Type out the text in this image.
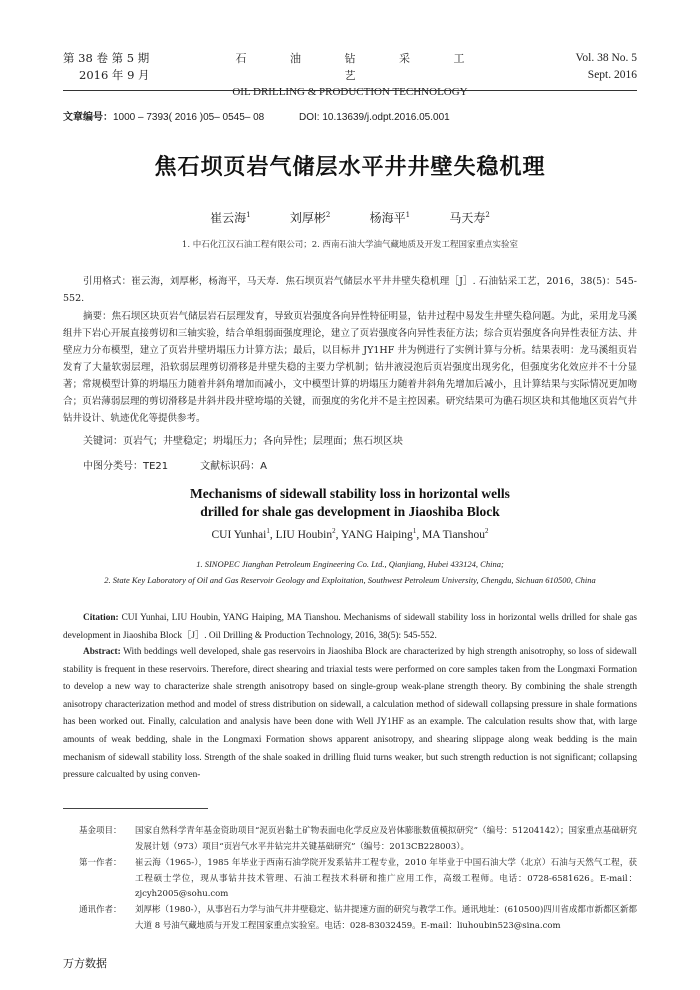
第 38 卷 第 5 期
2016 年 9 月
石 油 钻 采 工 艺
OIL DRILLING & PRODUCTION TECHNOLOGY
Vol. 38 No. 5
Sept. 2016
文章编号：1000 – 7393( 2016 )05– 0545– 08	DOI: 10.13639/j.odpt.2016.05.001
焦石坝页岩气储层水平井井壁失稳机理
崔云海$^1$	刘厚彬$^2$	杨海平$^1$	马天寿$^2$
1. 中石化江汉石油工程有限公司；2. 西南石油大学油气藏地质及开发工程国家重点实验室
引用格式：崔云海，刘厚彬，杨海平，马天寿．焦石坝页岩气储层水平井井壁失稳机理［J］. 石油钻采工艺，2016，38(5)：545-552.
摘要：焦石坝区块页岩气储层岩石层理发育，导致页岩强度各向异性特征明显，钻井过程中易发生井壁失稳问题。为此，采用龙马溪组井下岩心开展直接剪切和三轴实验，结合单组弱面强度理论，建立了页岩强度各向异性表征方法；综合页岩强度各向异性表征方法、井壁应力分布模型，建立了页岩井壁坍塌压力计算方法；最后，以目标井 JY1HF 井为例进行了实例计算与分析。结果表明：龙马溪组页岩发育了大量软弱层理，沿软弱层理剪切滑移是井壁失稳的主要力学机制；钻井液浸泡后页岩强度出现劣化，但强度劣化效应并不十分显著；常规模型计算的坍塌压力随着井斜角增加而减小，文中模型计算的坍塌压力随着井斜角先增加后减小，且计算结果与实际情况更加吻合；页岩薄弱层理的剪切滑移是井斜井段井壁垮塌的关键，而强度的劣化并不是主控因素。研究结果可为礁石坝区块和其他地区页岩气井钻井设计、轨迹优化等提供参考。
关键词：页岩气；井壁稳定；坍塌压力；各向异性；层理面；焦石坝区块
中图分类号：TE21	文献标识码：A
Mechanisms of sidewall stability loss in horizontal wells
drilled for shale gas development in Jiaoshiba Block
CUI Yunhai$^1$, LIU Houbin$^2$, YANG Haiping$^1$, MA Tianshou$^2$
1. SINOPEC Jianghan Petroleum Engineering Co. Ltd., Qianjiang, Hubei 433124, China;
2. State Key Laboratory of Oil and Gas Reservoir Geology and Exploitation, Southwest Petroleum University, Chengdu, Sichuan 610500, China
Citation: CUI Yunhai, LIU Houbin, YANG Haiping, MA Tianshou. Mechanisms of sidewall stability loss in horizontal wells drilled for shale gas development in Jiaoshiba Block［J］. Oil Drilling & Production Technology, 2016, 38(5): 545-552.
Abstract: With beddings well developed, shale gas reservoirs in Jiaoshiba Block are characterized by high strength anisotrophy, so loss of sidewall stability is frequent in these reservoirs. Therefore, direct shearing and triaxial tests were performed on core samples taken from the Longmaxi Formation to develop a new way to characterize shale strength anisotropy based on single-group weak-plane strength theory. By combining the shale strength anisotropy characterization method and model of stress distribution on sidewall, a calculation method of sidewall collapsing pressure in shale formations has been worked out. Finally, calculation and analysis have been done with Well JY1HF as an example. The calculation results show that, with large amounts of weak bedding, shale in the Longmaxi Formation shows apparent anisotropy, and shearing slippage along weak bedding is the main mechanism of sidewall stability loss. Strength of the shale soaked in drilling fluid turns weaker, but such strength reduction is not significant; collapsing pressure calcualted by using conven-
基金项目：	国家自然科学青年基金资助项目“泥页岩黏土矿物表面电化学反应及岩体膨胀数值模拟研究”（编号：51204142）；国家重点基础研究发展计划（973）项目“页岩气水平井钻完井关键基础研究”（编号：2013CB228003）。
第一作者：	崔云海（1965-），1985 年毕业于西南石油学院开发系钻井工程专业，2010 年毕业于中国石油大学（北京）石油与天然气工程，获工程硕士学位，现从事钻井技术管理、石油工程技术科研和推广应用工作，高级工程师。电话：0728-6581626。E-mail：zjcyh2005@sohu.com
通讯作者：	刘厚彬（1980-），从事岩石力学与油气井井壁稳定、钻井提速方面的研究与教学工作。通讯地址：(610500)四川省成都市新都区新都大道 8 号油气藏地质与开发工程国家重点实验室。电话：028-83032459。E-mail：liuhoubin523@sina.com
万方数据
